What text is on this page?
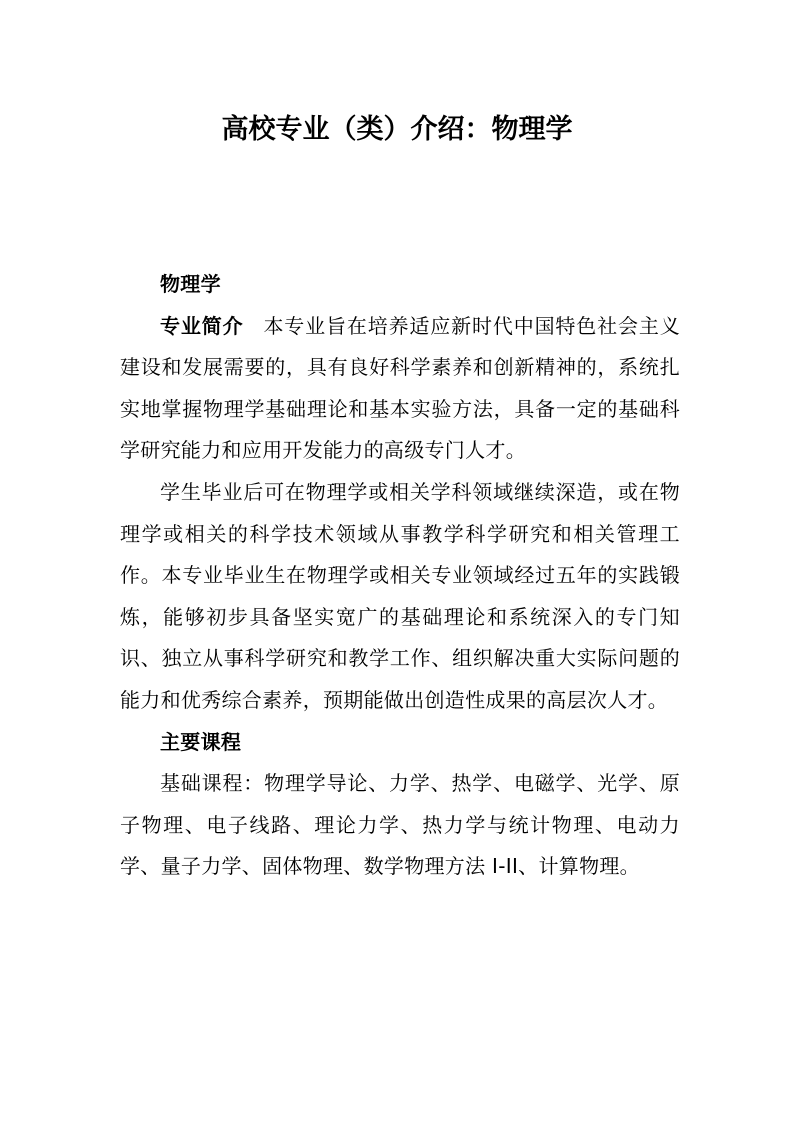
高校专业（类）介绍：物理学

物理学

专业简介 本专业旨在培养适应新时代中国特色社会主义建设和发展需要的，具有良好科学素养和创新精神的，系统扎实地掌握物理学基础理论和基本实验方法，具备一定的基础科学研究能力和应用开发能力的高级专门人才。

学生毕业后可在物理学或相关学科领域继续深造，或在物理学或相关的科学技术领域从事教学科学研究和相关管理工作。本专业毕业生在物理学或相关专业领域经过五年的实践锻炼，能够初步具备坚实宽广的基础理论和系统深入的专门知识、独立从事科学研究和教学工作、组织解决重大实际问题的能力和优秀综合素养，预期能做出创造性成果的高层次人才。

主要课程

基础课程：物理学导论、力学、热学、电磁学、光学、原子物理、电子线路、理论力学、热力学与统计物理、电动力学、量子力学、固体物理、数学物理方法 I-II、计算物理。
